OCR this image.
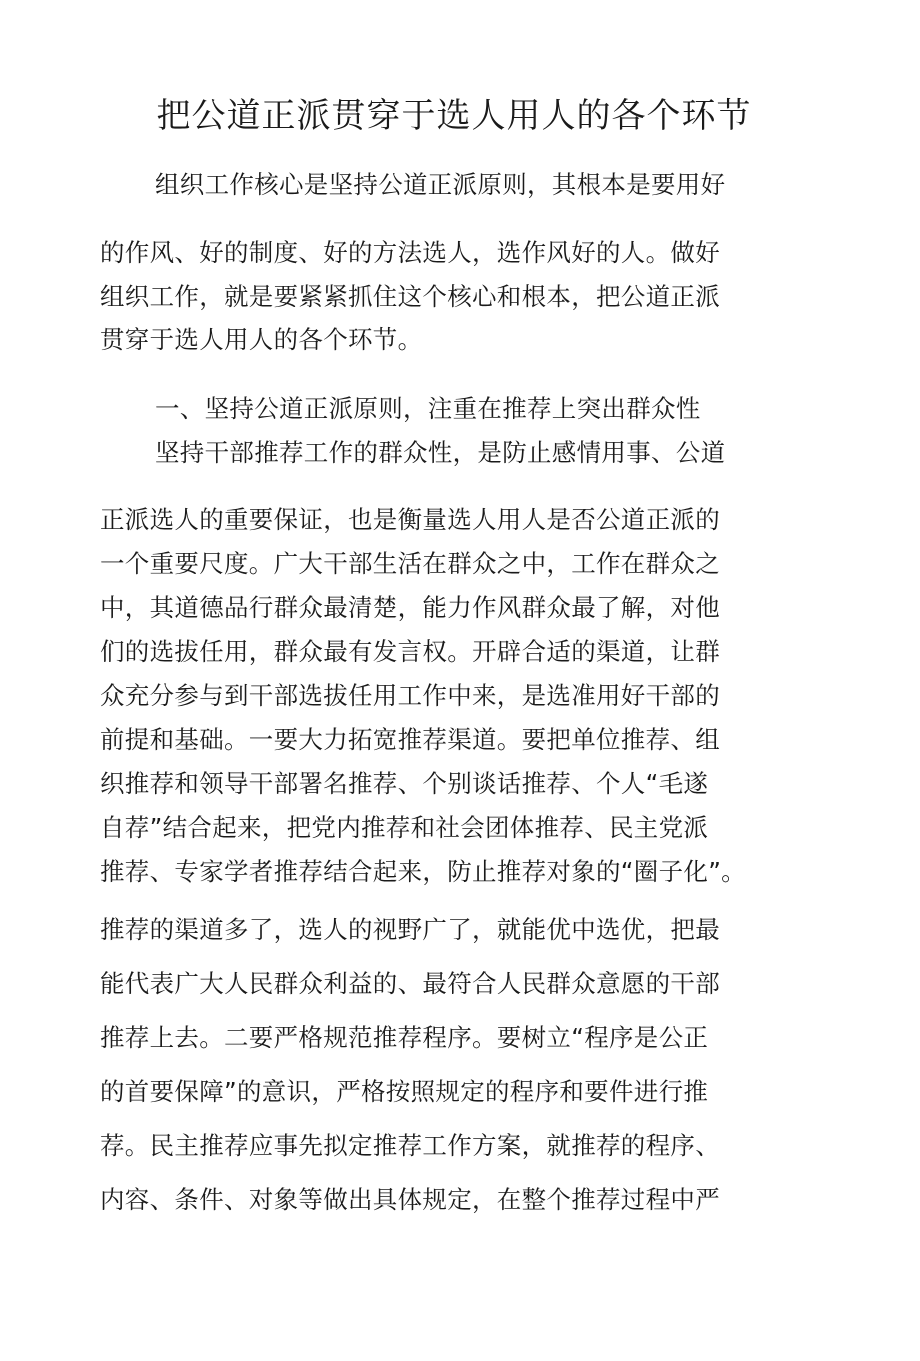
把公道正派贯穿于选人用人的各个环节
组织工作核心是坚持公道正派原则，其根本是要用好
的作风、好的制度、好的方法选人，选作风好的人。做好
组织工作，就是要紧紧抓住这个核心和根本，把公道正派
贯穿于选人用人的各个环节。
一、坚持公道正派原则，注重在推荐上突出群众性
坚持干部推荐工作的群众性，是防止感情用事、公道
正派选人的重要保证，也是衡量选人用人是否公道正派的
一个重要尺度。广大干部生活在群众之中，工作在群众之
中，其道德品行群众最清楚，能力作风群众最了解，对他
们的选拔任用，群众最有发言权。开辟合适的渠道，让群
众充分参与到干部选拔任用工作中来，是选准用好干部的
前提和基础。一要大力拓宽推荐渠道。要把单位推荐、组
织推荐和领导干部署名推荐、个别谈话推荐、个人“毛遂
自荐”结合起来，把党内推荐和社会团体推荐、民主党派
推荐、专家学者推荐结合起来，防止推荐对象的“圈子化”。
推荐的渠道多了，选人的视野广了，就能优中选优，把最
能代表广大人民群众利益的、最符合人民群众意愿的干部
推荐上去。二要严格规范推荐程序。要树立“程序是公正
的首要保障”的意识，严格按照规定的程序和要件进行推
荐。民主推荐应事先拟定推荐工作方案，就推荐的程序、
内容、条件、对象等做出具体规定，在整个推荐过程中严
